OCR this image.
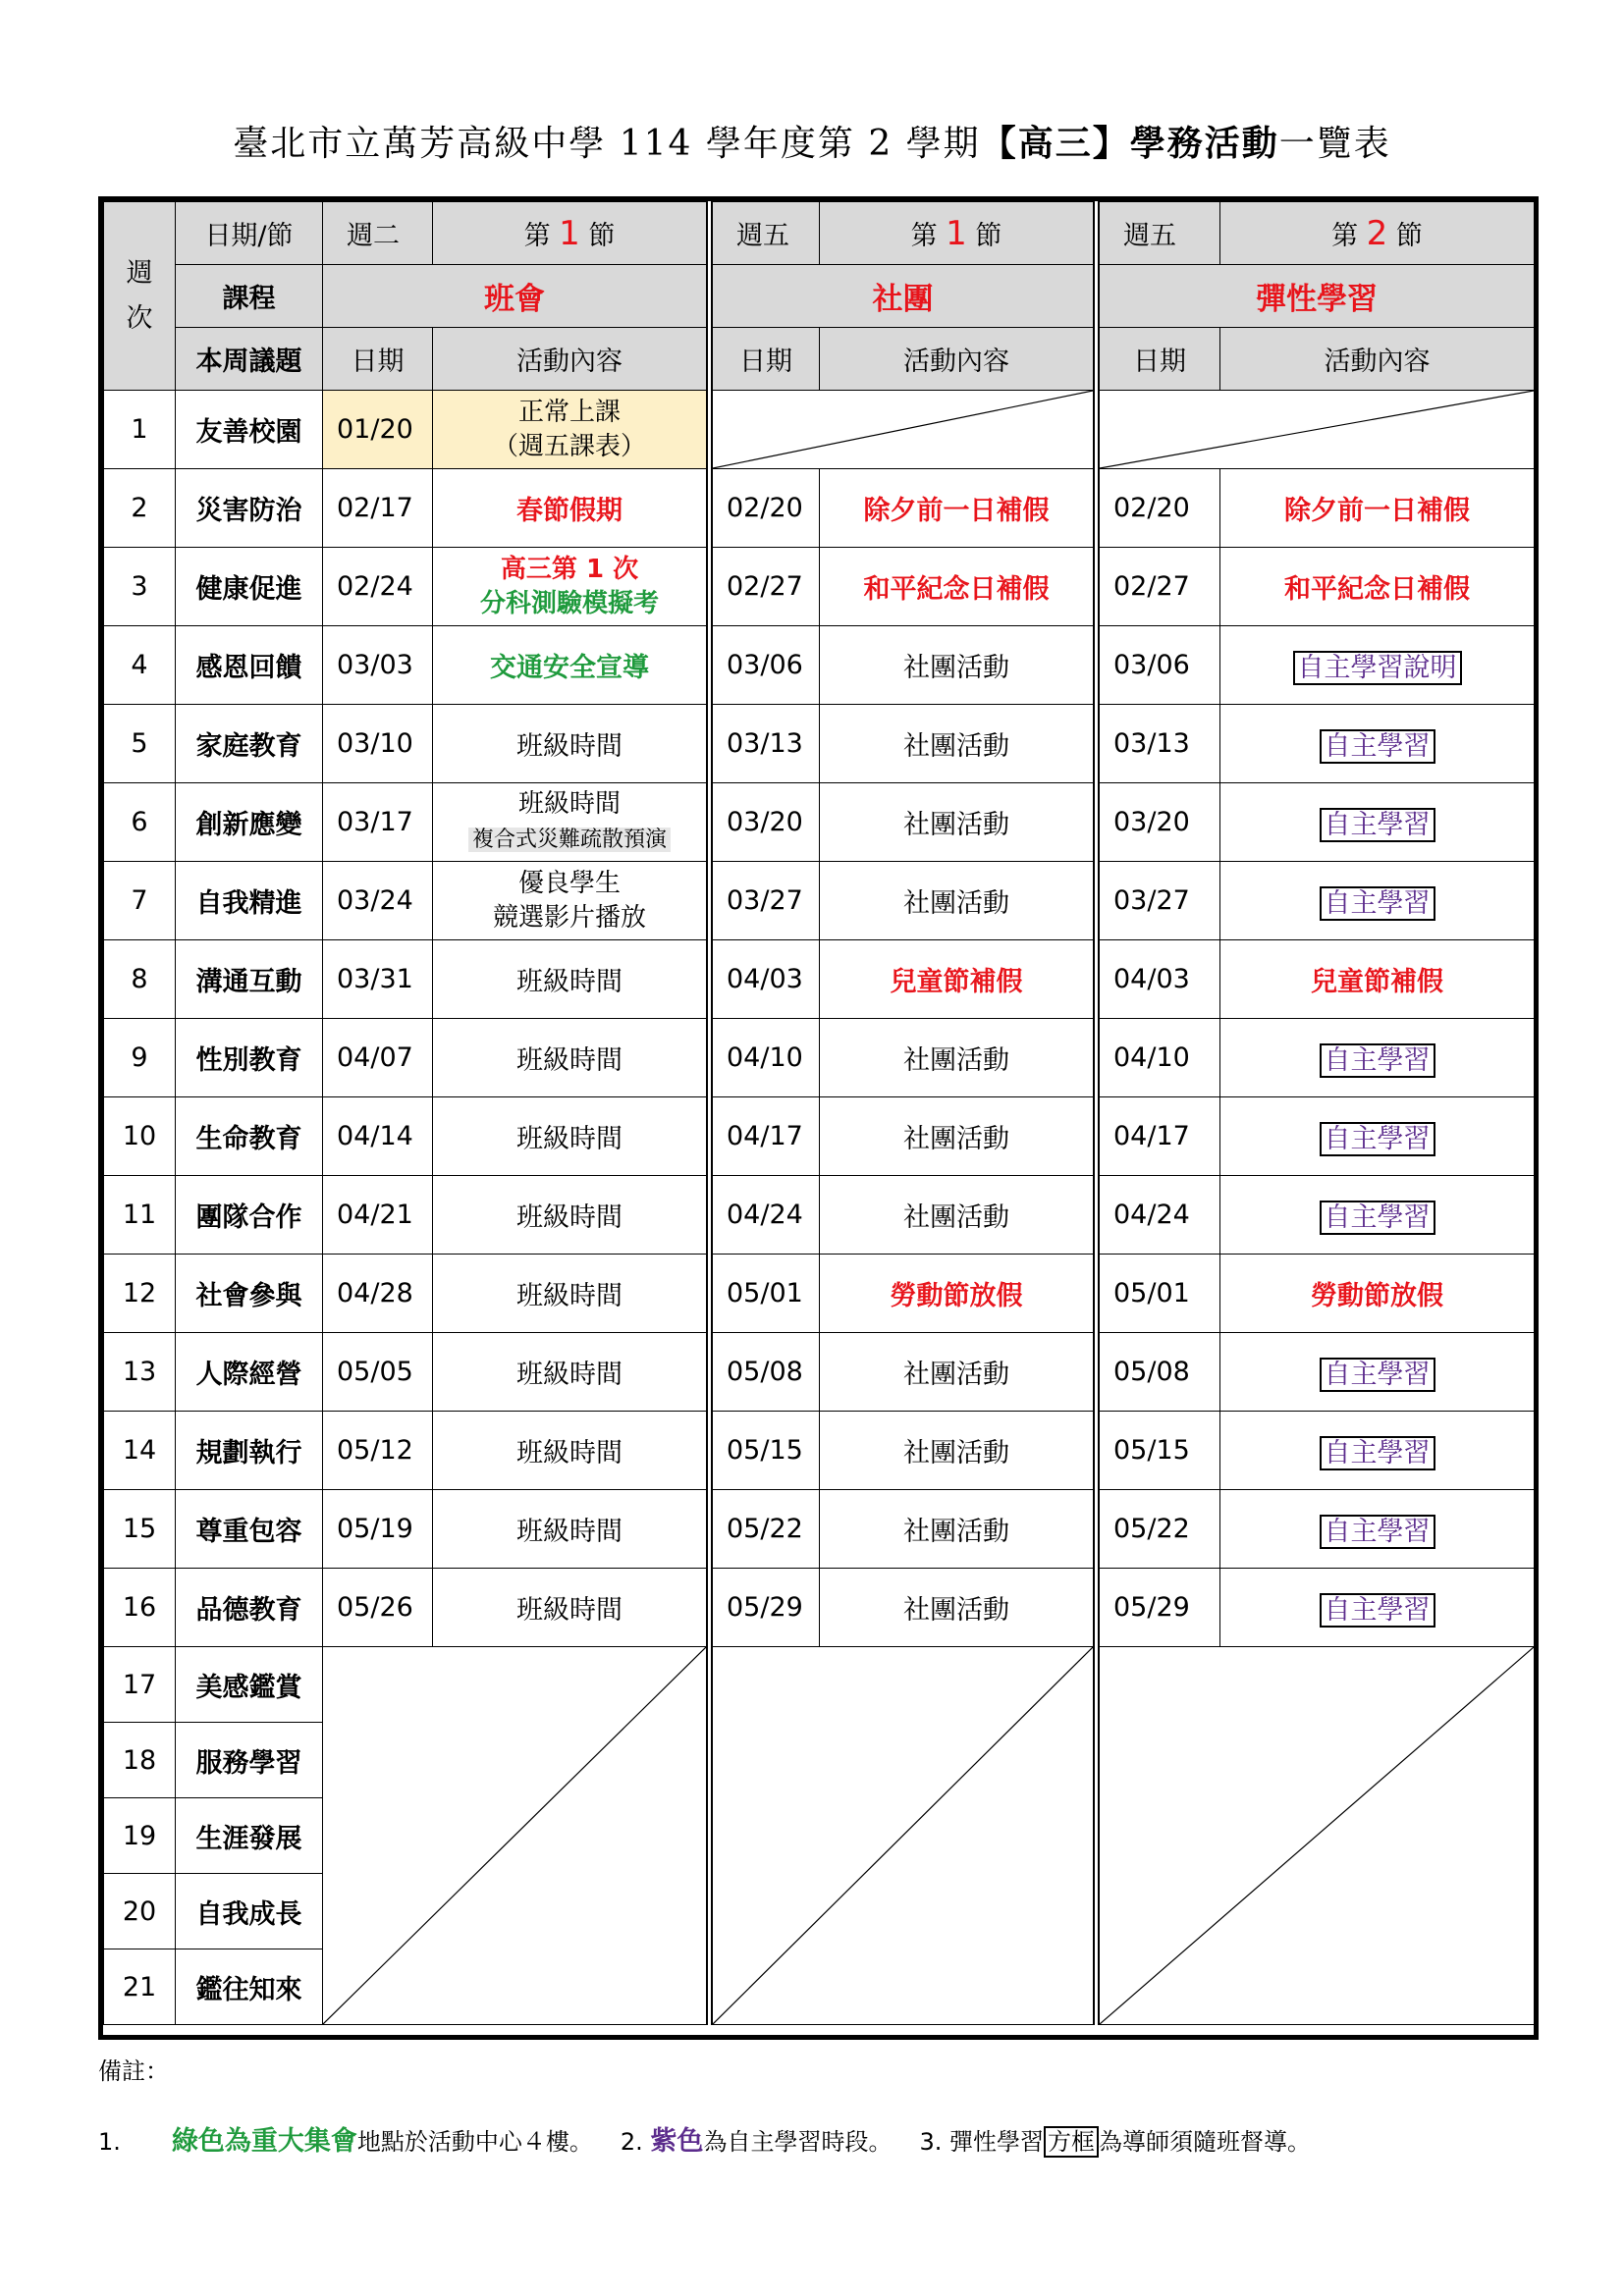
臺北市立萬芳高級中學 114 學年度第 2 學期【高三】學務活動一覽表
週
次	日期/節	週二	第 1 節	週五	第 1 節	週五	第 2 節
	課程	班會		社團		彈性學習	
	本周議題	日期	活動內容	日期	活動內容	日期	活動內容
1	友善校園	01/20	正常上課
（週五課表）

2	災害防治	02/17	春節假期	02/20	除夕前一日補假	02/20	除夕前一日補假
3	健康促進	02/24	高三第 1 次
分科測驗模擬考	02/27	和平紀念日補假	02/27	和平紀念日補假
4	感恩回饋	03/03	交通安全宣導	03/06	社團活動	03/06	自主學習說明
5	家庭教育	03/10	班級時間	03/13	社團活動	03/13	自主學習
6	創新應變	03/17	班級時間
複合式災難疏散預演	03/20	社團活動	03/20	自主學習
7	自我精進	03/24	優良學生
競選影片播放	03/27	社團活動	03/27	自主學習
8	溝通互動	03/31	班級時間	04/03	兒童節補假	04/03	兒童節補假
9	性別教育	04/07	班級時間	04/10	社團活動	04/10	自主學習
10	生命教育	04/14	班級時間	04/17	社團活動	04/17	自主學習
11	團隊合作	04/21	班級時間	04/24	社團活動	04/24	自主學習
12	社會參與	04/28	班級時間	05/01	勞動節放假	05/01	勞動節放假
13	人際經營	05/05	班級時間	05/08	社團活動	05/08	自主學習
14	規劃執行	05/12	班級時間	05/15	社團活動	05/15	自主學習
15	尊重包容	05/19	班級時間	05/22	社團活動	05/22	自主學習
16	品德教育	05/26	班級時間	05/29	社團活動	05/29	自主學習
17	美感鑑賞	

18	服務學習						
19	生涯發展						
20	自我成長						
21	鑑往知來						
備註：
1. 綠色為重大集會地點於活動中心４樓。 2. 紫色為自主學習時段。 3. 彈性學習 方框 為導師須隨班督導。
